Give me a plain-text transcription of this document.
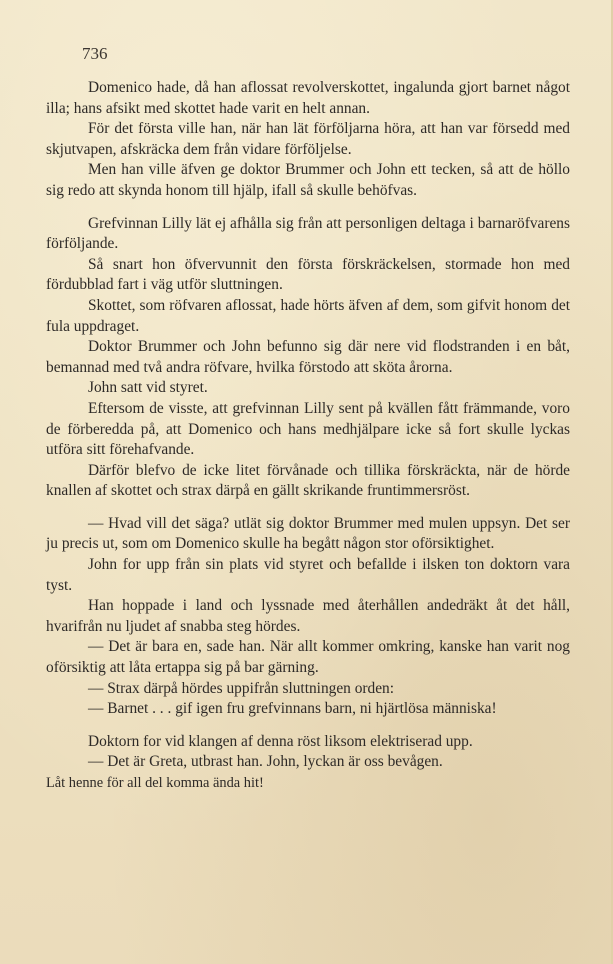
736

Domenico hade, då han aflossat revolverskottet, ingalunda gjort barnet något illa; hans afsikt med skottet hade varit en helt annan.

För det första ville han, när han lät förföljarna höra, att han var försedd med skjutvapen, afskräcka dem från vidare förföljelse.

Men han ville äfven ge doktor Brummer och John ett tecken, så att de höllo sig redo att skynda honom till hjälp, ifall så skulle behöfvas.

Grefvinnan Lilly lät ej afhålla sig från att personligen deltaga i barnaröfvarens förföljande.

Så snart hon öfvervunnit den första förskräckelsen, stormade hon med fördubblad fart i väg utför sluttningen.

Skottet, som röfvaren aflossat, hade hörts äfven af dem, som gifvit honom det fula uppdraget.

Doktor Brummer och John befunno sig där nere vid flodstranden i en båt, bemannad med två andra röfvare, hvilka förstodo att sköta årorna.

John satt vid styret.

Eftersom de visste, att grefvinnan Lilly sent på kvällen fått främmande, voro de förberedda på, att Domenico och hans medhjälpare icke så fort skulle lyckas utföra sitt förehafvande.

Därför blefvo de icke litet förvånade och tillika förskräckta, när de hörde knallen af skottet och strax därpå en gällt skrikande fruntimmersröst.

— Hvad vill det säga? utlät sig doktor Brummer med mulen uppsyn. Det ser ju precis ut, som om Domenico skulle ha begått någon stor oförsiktighet.

John for upp från sin plats vid styret och befallde i ilsken ton doktorn vara tyst.

Han hoppade i land och lyssnade med återhållen andedräkt åt det håll, hvarifrån nu ljudet af snabba steg hördes.

— Det är bara en, sade han. När allt kommer omkring, kanske han varit nog oförsiktig att låta ertappa sig på bar gärning.

— Strax därpå hördes uppifrån sluttningen orden:

— Barnet . . . gif igen fru grefvinnans barn, ni hjärtlösa människa!

Doktorn for vid klangen af denna röst liksom elektriserad upp.

— Det är Greta, utbrast han. John, lyckan är oss bevågen.

Låt henne för all del komma ända hit!
